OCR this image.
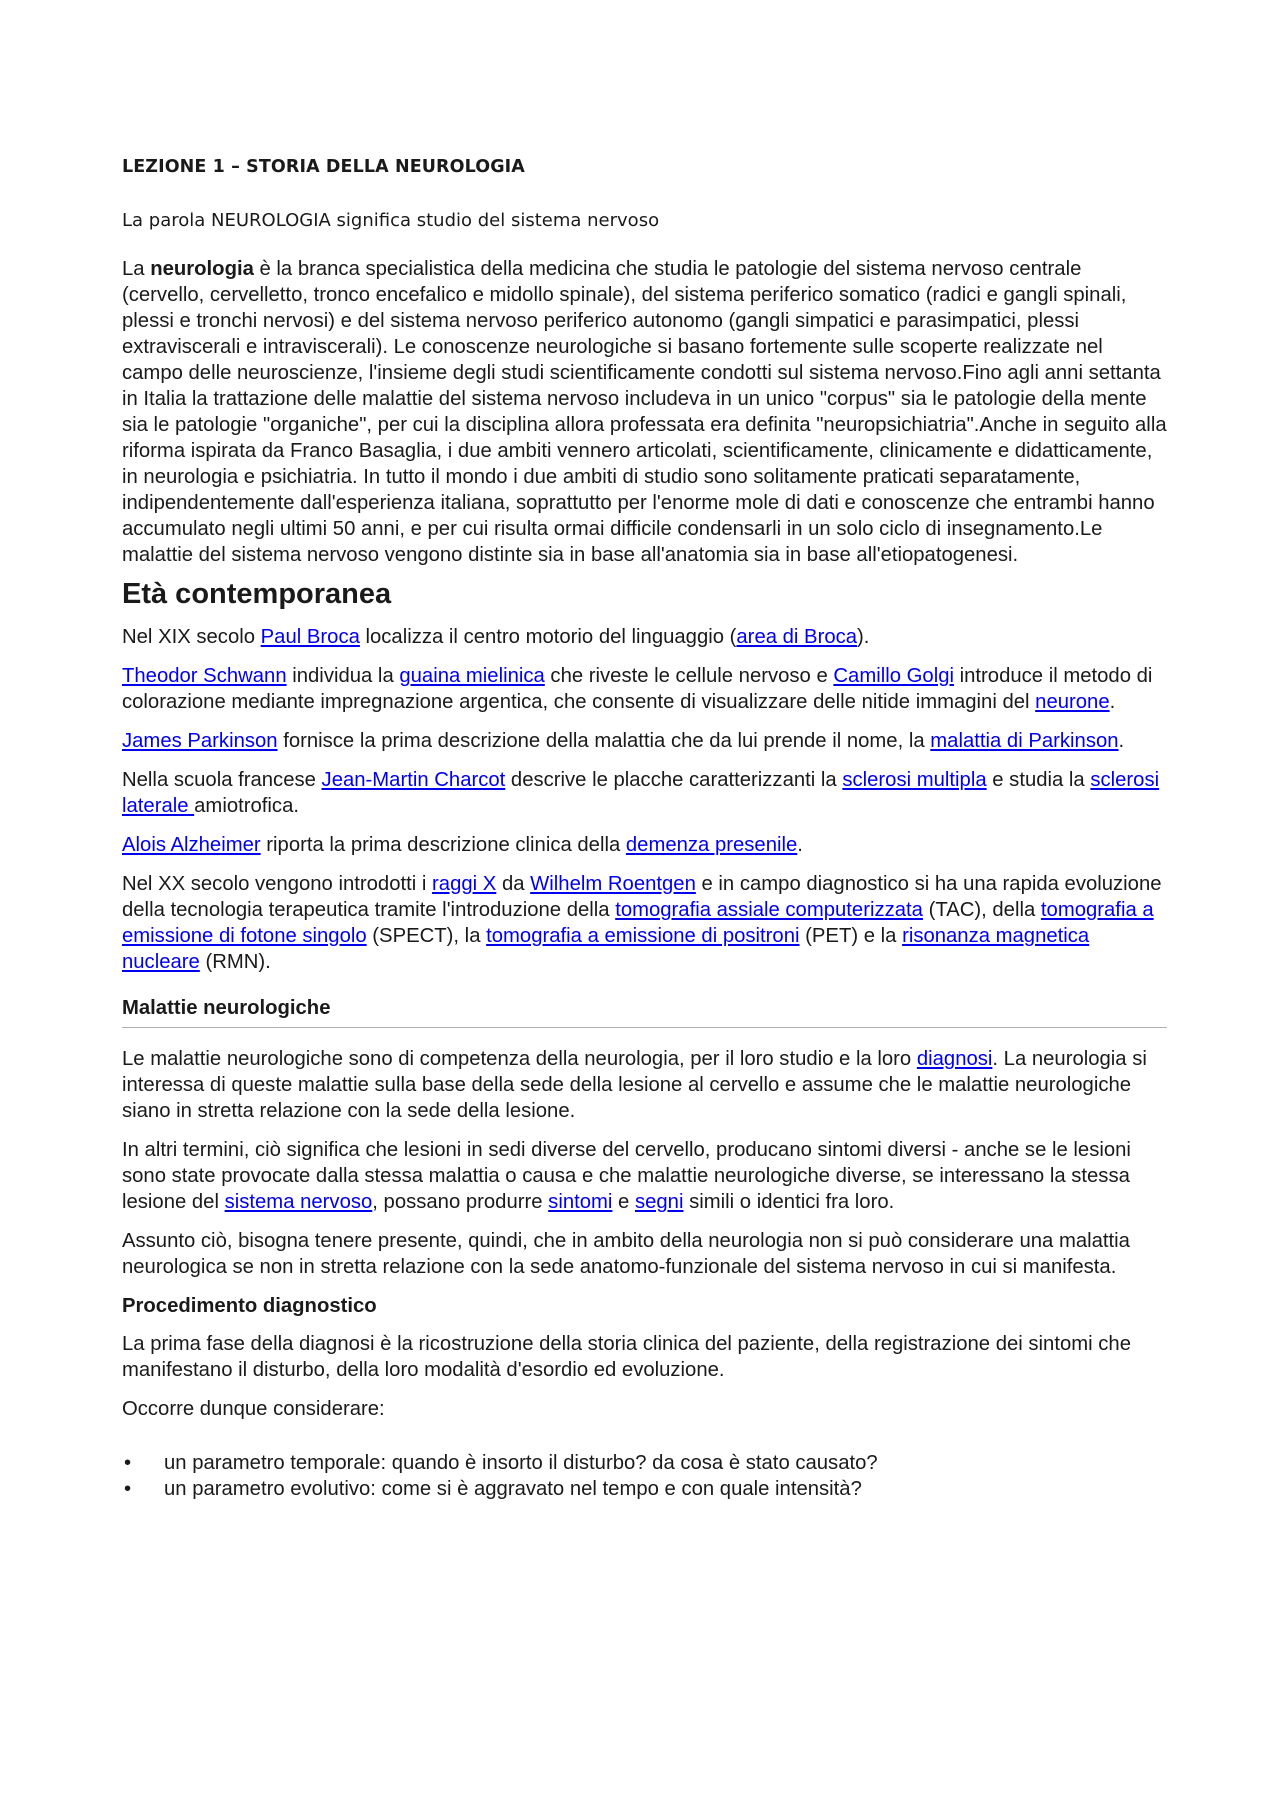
LEZIONE 1 – STORIA DELLA NEUROLOGIA

La parola NEUROLOGIA significa studio del sistema nervoso

La neurologia è la branca specialistica della medicina che studia le patologie del sistema nervoso centrale (cervello, cervelletto, tronco encefalico e midollo spinale), del sistema periferico somatico (radici e gangli spinali, plessi e tronchi nervosi) e del sistema nervoso periferico autonomo (gangli simpatici e parasimpatici, plessi extraviscerali e intraviscerali). Le conoscenze neurologiche si basano fortemente sulle scoperte realizzate nel campo delle neuroscienze, l'insieme degli studi scientificamente condotti sul sistema nervoso.Fino agli anni settanta in Italia la trattazione delle malattie del sistema nervoso includeva in un unico "corpus" sia le patologie della mente sia le patologie "organiche", per cui la disciplina allora professata era definita "neuropsichiatria".Anche in seguito alla riforma ispirata da Franco Basaglia, i due ambiti vennero articolati, scientificamente, clinicamente e didatticamente, in neurologia e psichiatria. In tutto il mondo i due ambiti di studio sono solitamente praticati separatamente, indipendentemente dall'esperienza italiana, soprattutto per l'enorme mole di dati e conoscenze che entrambi hanno accumulato negli ultimi 50 anni, e per cui risulta ormai difficile condensarli in un solo ciclo di insegnamento.Le malattie del sistema nervoso vengono distinte sia in base all'anatomia sia in base all'etiopatogenesi.

Età contemporanea

Nel XIX secolo Paul Broca localizza il centro motorio del linguaggio (area di Broca).

Theodor Schwann individua la guaina mielinica che riveste le cellule nervoso e Camillo Golgi introduce il metodo di colorazione mediante impregnazione argentica, che consente di visualizzare delle nitide immagini del neurone.

James Parkinson fornisce la prima descrizione della malattia che da lui prende il nome, la malattia di Parkinson.

Nella scuola francese Jean-Martin Charcot descrive le placche caratterizzanti la sclerosi multipla e studia la sclerosi laterale amiotrofica.

Alois Alzheimer riporta la prima descrizione clinica della demenza presenile.

Nel XX secolo vengono introdotti i raggi X da Wilhelm Roentgen e in campo diagnostico si ha una rapida evoluzione della tecnologia terapeutica tramite l'introduzione della tomografia assiale computerizzata (TAC), della tomografia a emissione di fotone singolo (SPECT), la tomografia a emissione di positroni (PET) e la risonanza magnetica nucleare (RMN).

Malattie neurologiche

Le malattie neurologiche sono di competenza della neurologia, per il loro studio e la loro diagnosi. La neurologia si interessa di queste malattie sulla base della sede della lesione al cervello e assume che le malattie neurologiche siano in stretta relazione con la sede della lesione.

In altri termini, ciò significa che lesioni in sedi diverse del cervello, producano sintomi diversi - anche se le lesioni sono state provocate dalla stessa malattia o causa e che malattie neurologiche diverse, se interessano la stessa lesione del sistema nervoso, possano produrre sintomi e segni simili o identici fra loro.

Assunto ciò, bisogna tenere presente, quindi, che in ambito della neurologia non si può considerare una malattia neurologica se non in stretta relazione con la sede anatomo-funzionale del sistema nervoso in cui si manifesta.

Procedimento diagnostico

La prima fase della diagnosi è la ricostruzione della storia clinica del paziente, della registrazione dei sintomi che manifestano il disturbo, della loro modalità d'esordio ed evoluzione.

Occorre dunque considerare:

• un parametro temporale: quando è insorto il disturbo? da cosa è stato causato?
• un parametro evolutivo: come si è aggravato nel tempo e con quale intensità?
